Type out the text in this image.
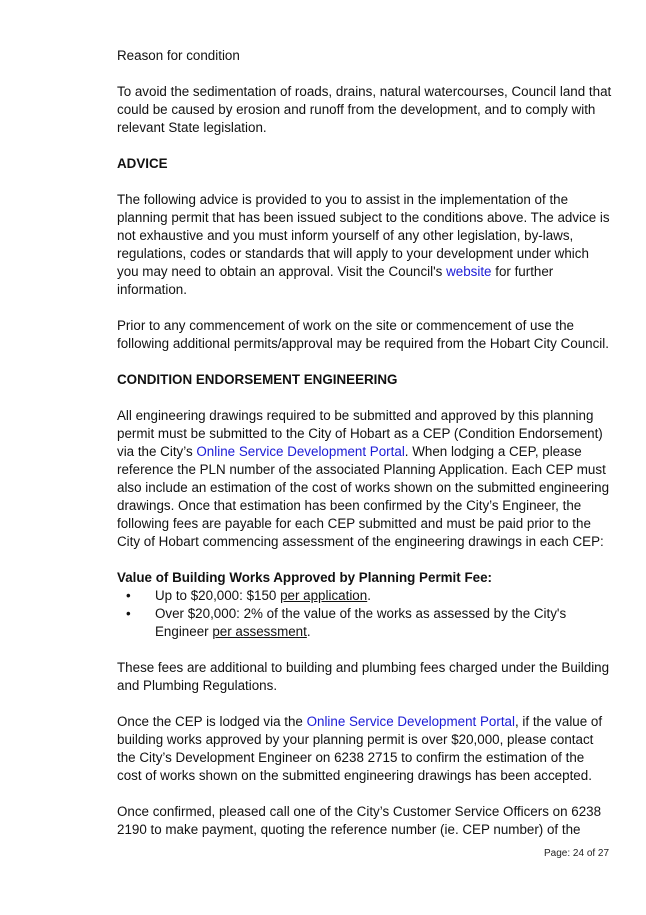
Reason for condition

To avoid the sedimentation of roads, drains, natural watercourses, Council land that could be caused by erosion and runoff from the development, and to comply with relevant State legislation.

ADVICE

The following advice is provided to you to assist in the implementation of the planning permit that has been issued subject to the conditions above. The advice is not exhaustive and you must inform yourself of any other legislation, by-laws, regulations, codes or standards that will apply to your development under which you may need to obtain an approval. Visit the Council's website for further information.

Prior to any commencement of work on the site or commencement of use the following additional permits/approval may be required from the Hobart City Council.

CONDITION ENDORSEMENT ENGINEERING

All engineering drawings required to be submitted and approved by this planning permit must be submitted to the City of Hobart as a CEP (Condition Endorsement) via the City’s Online Service Development Portal. When lodging a CEP, please reference the PLN number of the associated Planning Application. Each CEP must also include an estimation of the cost of works shown on the submitted engineering drawings. Once that estimation has been confirmed by the City’s Engineer, the following fees are payable for each CEP submitted and must be paid prior to the City of Hobart commencing assessment of the engineering drawings in each CEP:

Value of Building Works Approved by Planning Permit Fee:

• Up to $20,000: $150 per application.
• Over $20,000: 2% of the value of the works as assessed by the City's Engineer per assessment.

These fees are additional to building and plumbing fees charged under the Building and Plumbing Regulations.

Once the CEP is lodged via the Online Service Development Portal, if the value of building works approved by your planning permit is over $20,000, please contact the City’s Development Engineer on 6238 2715 to confirm the estimation of the cost of works shown on the submitted engineering drawings has been accepted.

Once confirmed, pleased call one of the City’s Customer Service Officers on 6238 2190 to make payment, quoting the reference number (ie. CEP number) of the

Page: 24 of 27
